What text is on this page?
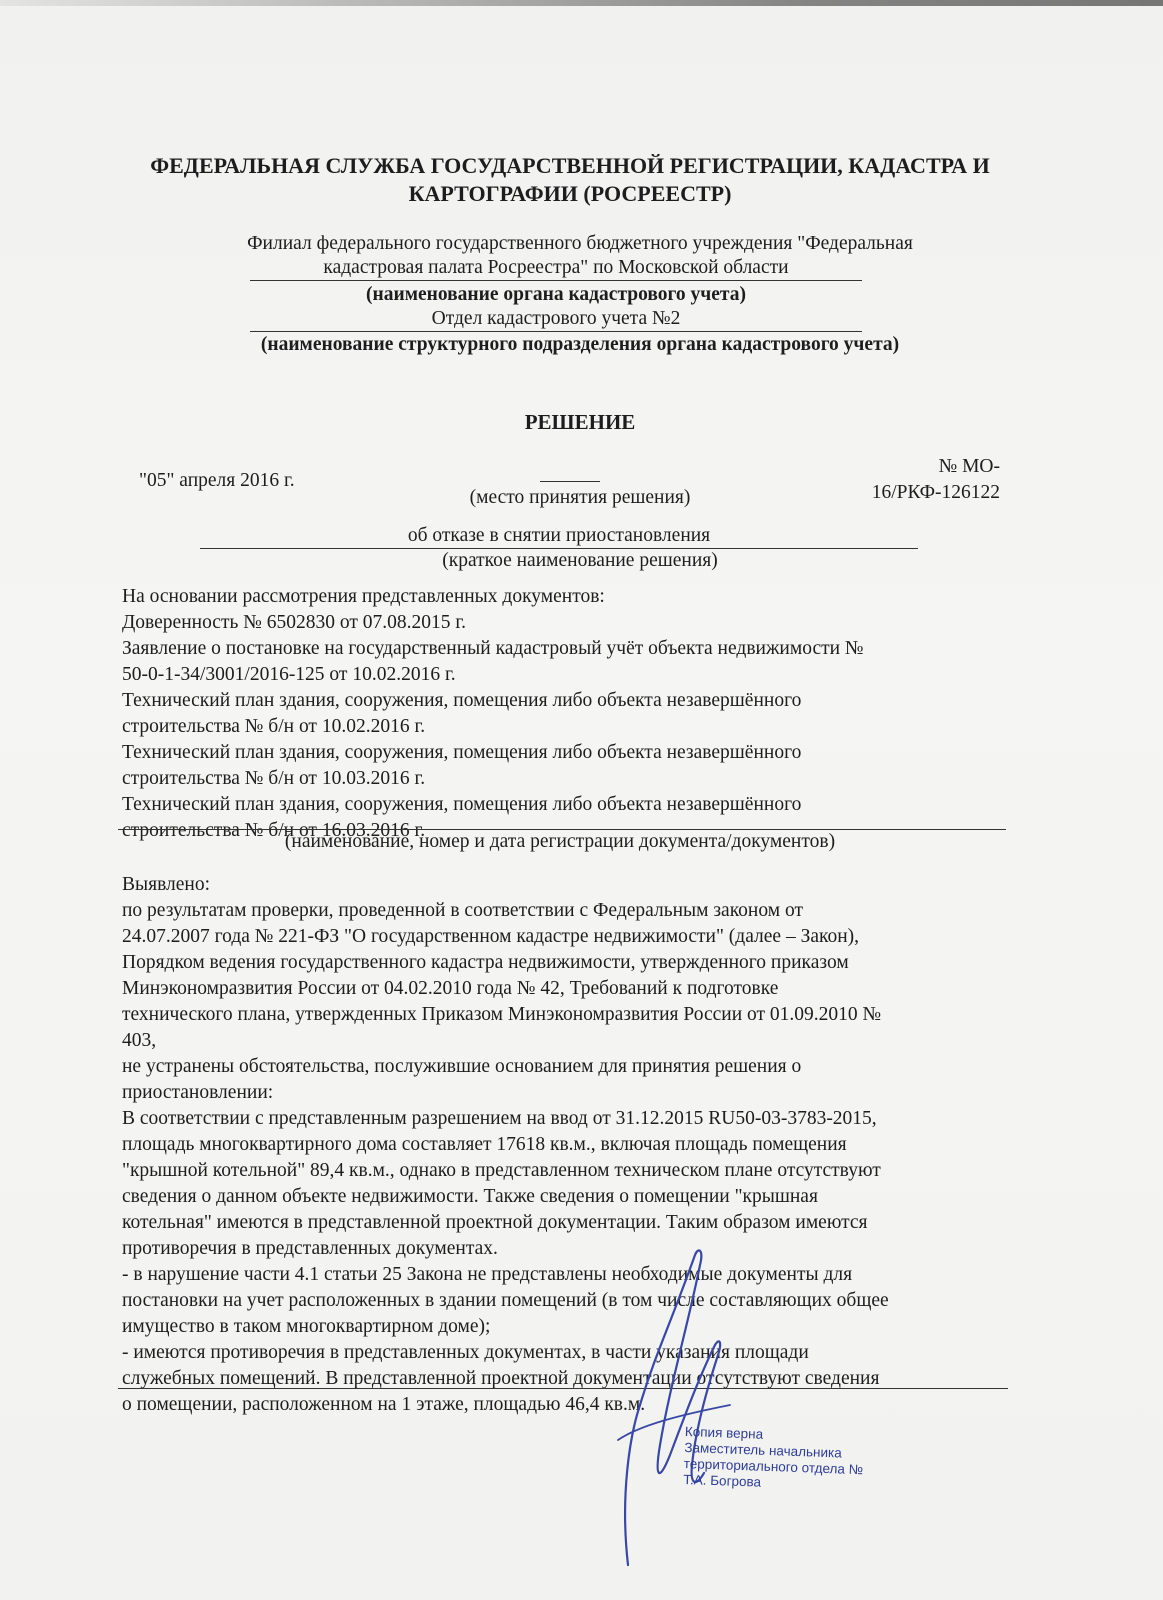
ФЕДЕРАЛЬНАЯ СЛУЖБА ГОСУДАРСТВЕННОЙ РЕГИСТРАЦИИ, КАДАСТРА И КАРТОГРАФИИ (РОСРЕЕСТР)
Филиал федерального государственного бюджетного учреждения "Федеральная
кадастровая палата Росреестра" по Московской области
(наименование органа кадастрового учета)
Отдел кадастрового учета №2
(наименование структурного подразделения органа кадастрового учета)
РЕШЕНИЕ
"05" апреля 2016 г.
№ МО-
16/РКФ-126122
(место принятия решения)
об отказе в снятии приостановления
(краткое наименование решения)
На основании рассмотрения представленных документов:
Доверенность № 6502830 от 07.08.2015 г.
Заявление о постановке на государственный кадастровый учёт объекта недвижимости №
50-0-1-34/3001/2016-125 от 10.02.2016 г.
Технический план здания, сооружения, помещения либо объекта незавершённого
строительства № б/н от 10.02.2016 г.
Технический план здания, сооружения, помещения либо объекта незавершённого
строительства № б/н от 10.03.2016 г.
Технический план здания, сооружения, помещения либо объекта незавершённого
строительства № б/н от 16.03.2016 г.
(наименование, номер и дата регистрации документа/документов)
Выявлено:
по результатам проверки, проведенной в соответствии с Федеральным законом от
24.07.2007 года № 221-ФЗ "О государственном кадастре недвижимости" (далее – Закон),
Порядком ведения государственного кадастра недвижимости, утвержденного приказом
Минэкономразвития России от 04.02.2010 года № 42, Требований к подготовке
технического плана, утвержденных Приказом Минэкономразвития России от 01.09.2010 №
403,
не устранены обстоятельства, послужившие основанием для принятия решения о
приостановлении:
В соответствии с представленным разрешением на ввод от 31.12.2015 RU50-03-3783-2015,
площадь многоквартирного дома составляет 17618 кв.м., включая площадь помещения
"крышной котельной" 89,4 кв.м., однако в представленном техническом плане отсутствуют
сведения о данном объекте недвижимости. Также сведения о помещении "крышная
котельная" имеются в представленной проектной документации. Таким образом имеются
противоречия в представленных документах.
- в нарушение части 4.1 статьи 25 Закона не представлены необходимые документы для
постановки на учет расположенных в здании помещений (в том числе составляющих общее
имущество в таком многоквартирном доме);
- имеются противоречия в представленных документах, в части указания площади
служебных помещений. В представленной проектной документации отсутствуют сведения
о помещении, расположенном на 1 этаже, площадью 46,4 кв.м.
Копия верна
Заместитель начальника
территориального отдела №
Т.А. Богрова
